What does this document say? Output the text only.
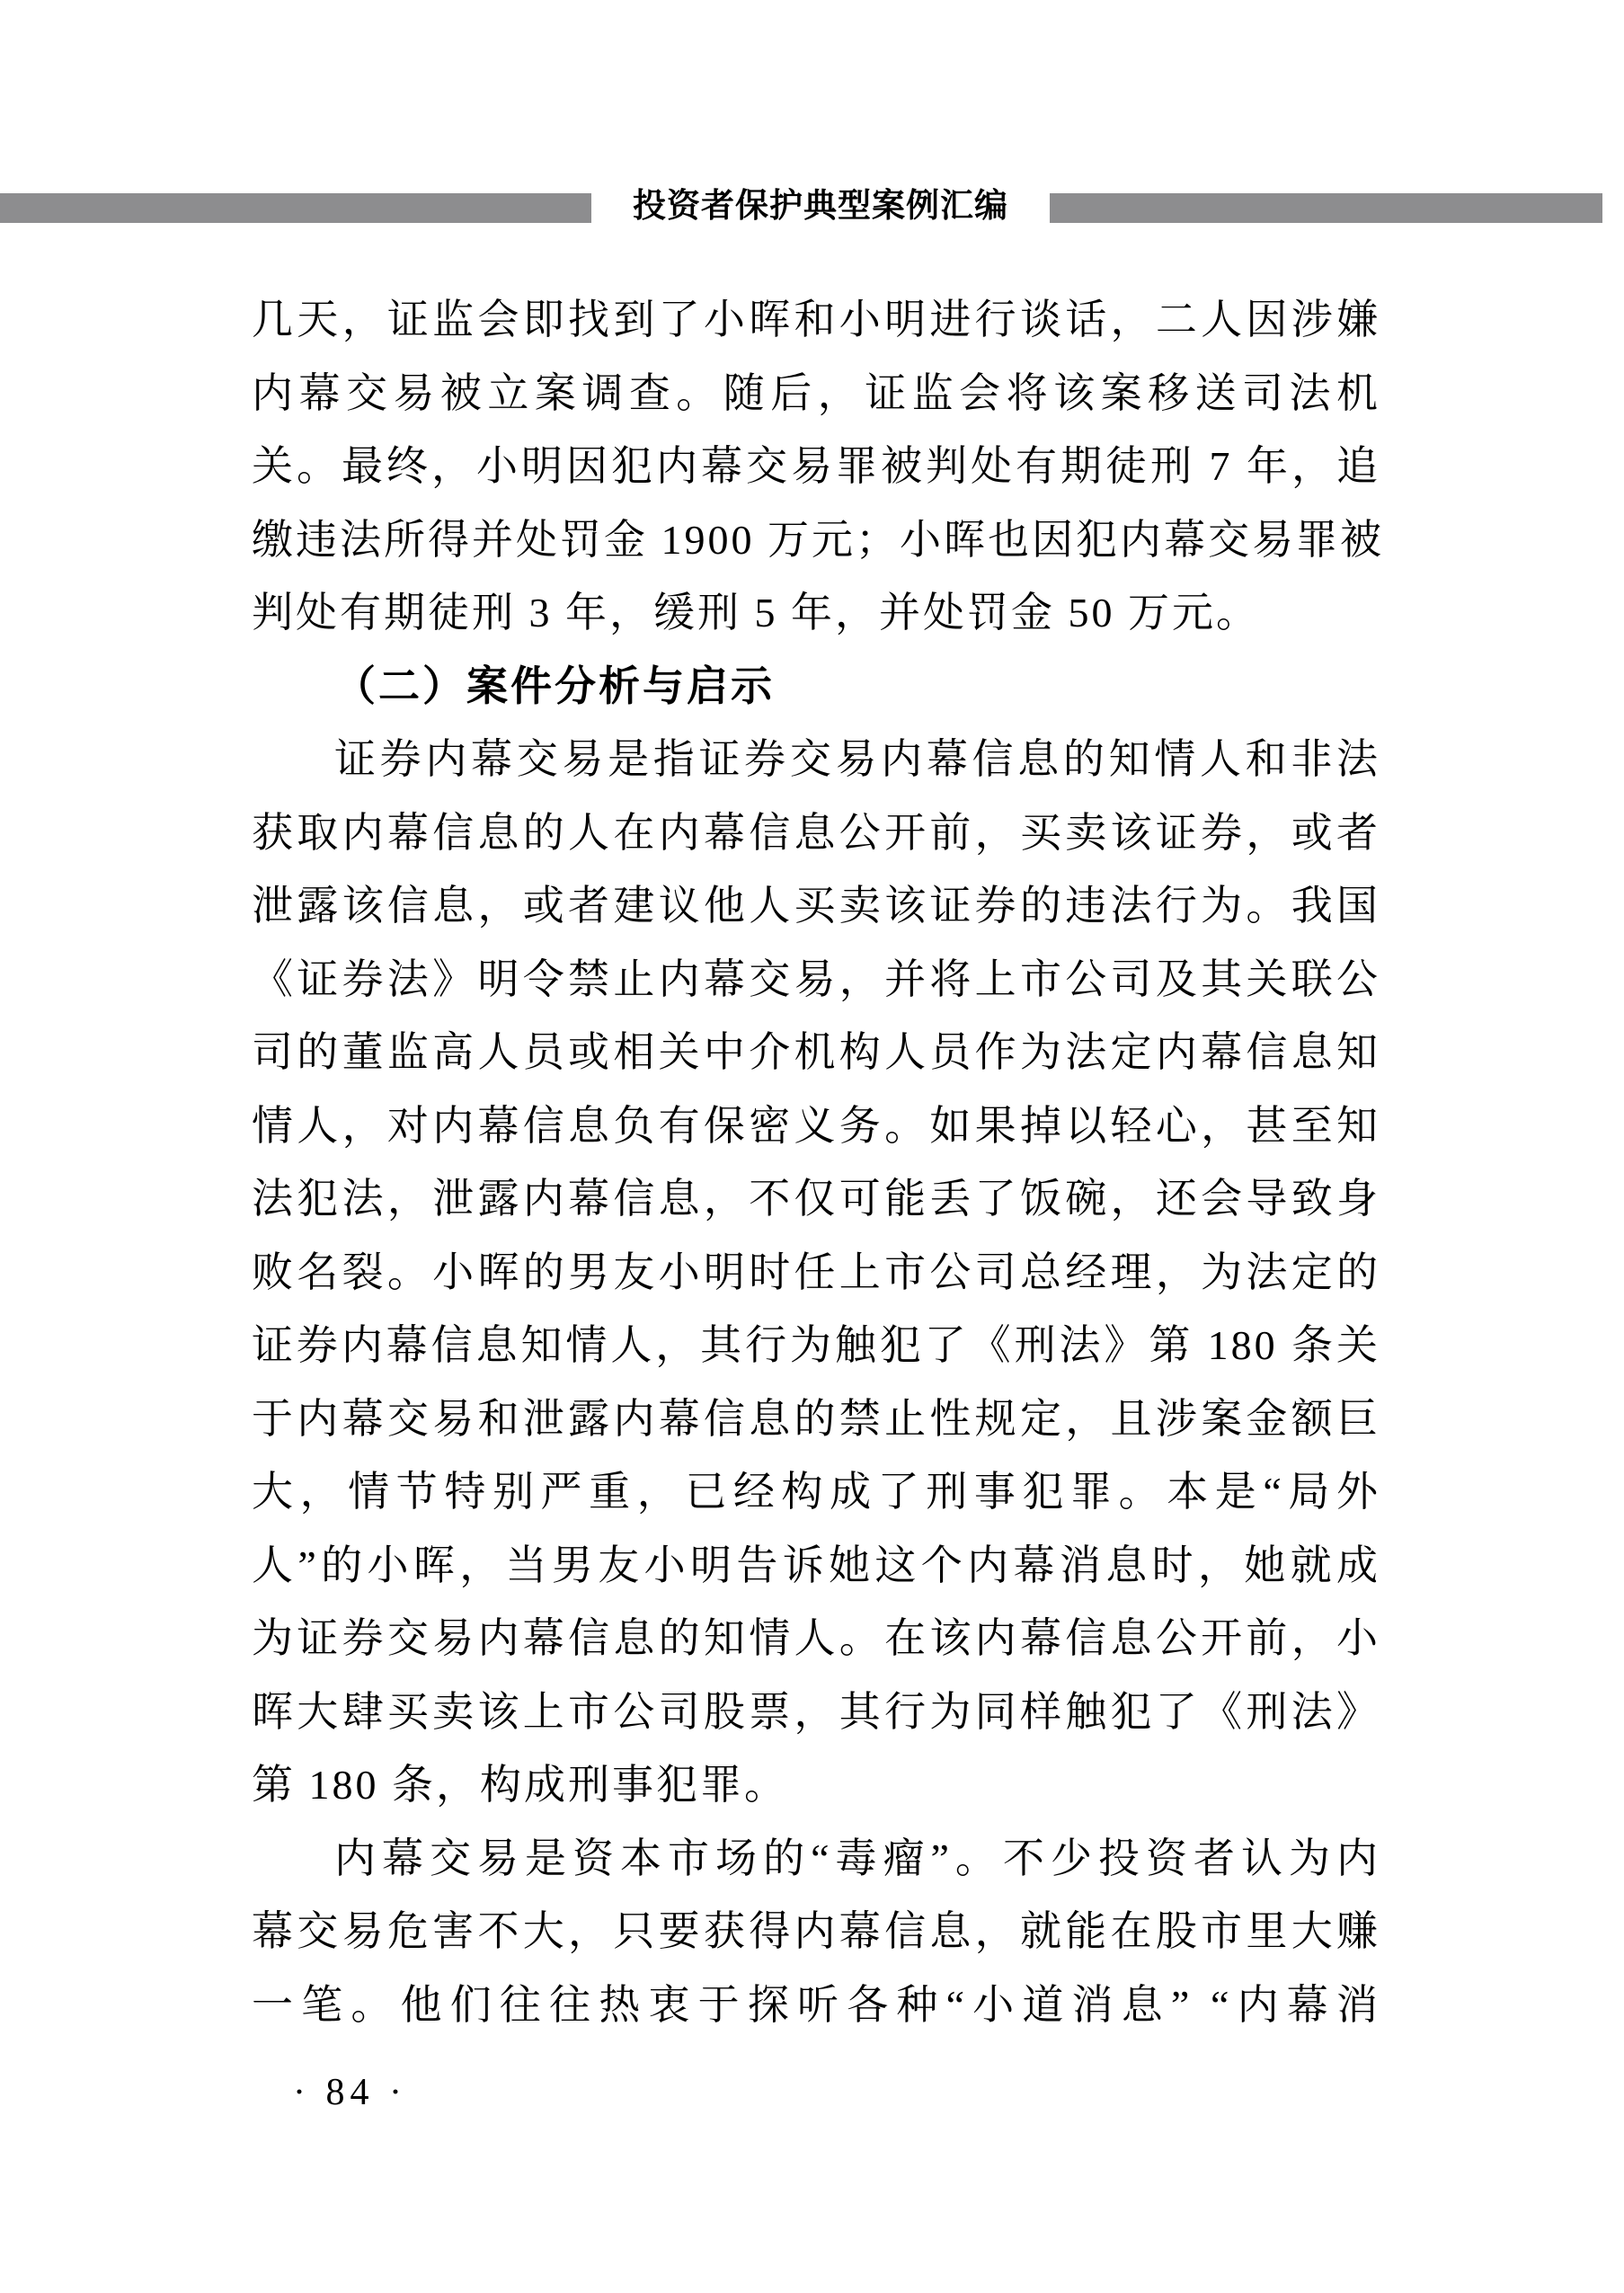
投资者保护典型案例汇编
几天，证监会即找到了小晖和小明进行谈话，二人因涉嫌
内幕交易被立案调查。随后，证监会将该案移送司法机
关。最终，小明因犯内幕交易罪被判处有期徒刑 7 年，追
缴违法所得并处罚金 1900 万元；小晖也因犯内幕交易罪被
判处有期徒刑 3 年，缓刑 5 年，并处罚金 50 万元。
（二）案件分析与启示
证券内幕交易是指证券交易内幕信息的知情人和非法
获取内幕信息的人在内幕信息公开前，买卖该证券，或者
泄露该信息，或者建议他人买卖该证券的违法行为。我国
《证券法》明令禁止内幕交易，并将上市公司及其关联公
司的董监高人员或相关中介机构人员作为法定内幕信息知
情人，对内幕信息负有保密义务。如果掉以轻心，甚至知
法犯法，泄露内幕信息，不仅可能丢了饭碗，还会导致身
败名裂。小晖的男友小明时任上市公司总经理，为法定的
证券内幕信息知情人，其行为触犯了《刑法》第 180 条关
于内幕交易和泄露内幕信息的禁止性规定，且涉案金额巨
大，情节特别严重，已经构成了刑事犯罪。本是“局外
人”的小晖，当男友小明告诉她这个内幕消息时，她就成
为证券交易内幕信息的知情人。在该内幕信息公开前，小
晖大肆买卖该上市公司股票，其行为同样触犯了《刑法》
第 180 条，构成刑事犯罪。
内幕交易是资本市场的“毒瘤”。不少投资者认为内
幕交易危害不大，只要获得内幕信息，就能在股市里大赚
一笔。他们往往热衷于探听各种“小道消息” “内幕消
· 84 ·
